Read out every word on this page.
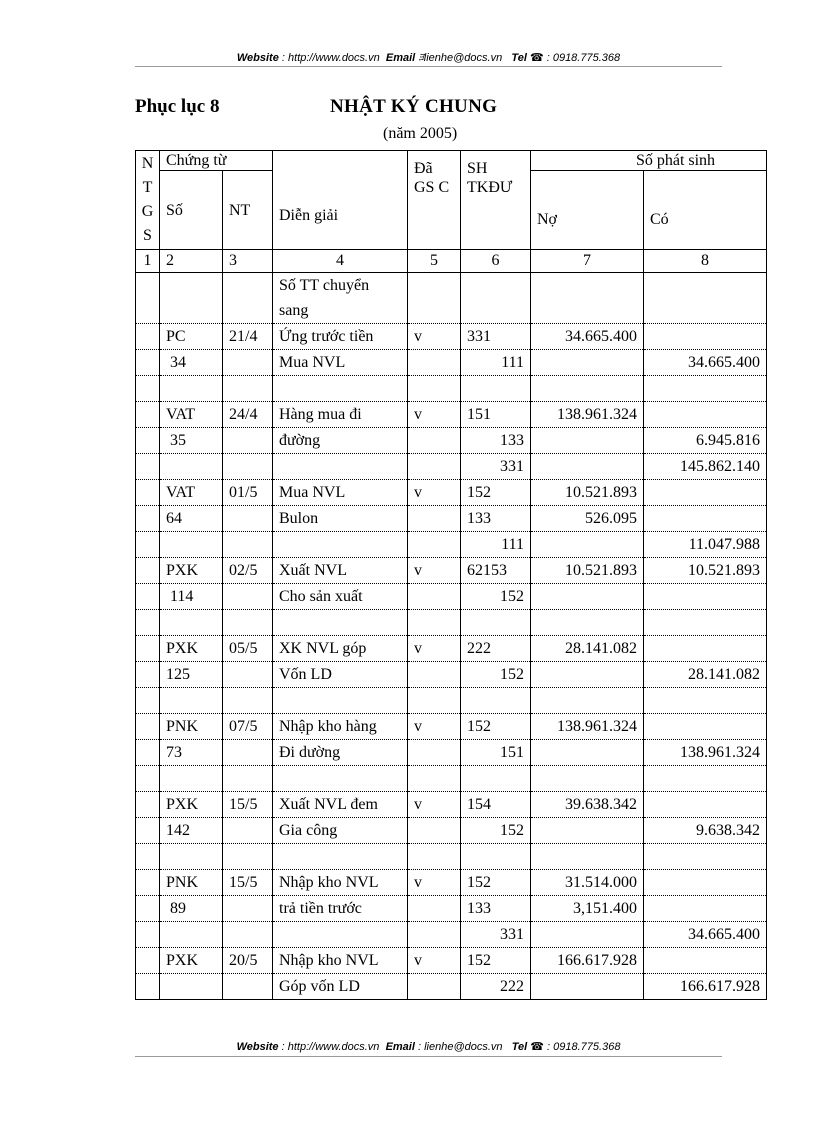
Website : http://www.docs.vn Email ﾖlienhe@docs.vn Tel ☎ : 0918.775.368
Phục lục 8	NHẬT KÝ CHUNG
(năm 2005)
N
T
G
S	Chứng từ		Diễn giải	Đã GS C	SH TKĐƯ	Số phát sinh	
	Số	NT				Nợ	Có
1	2	3	4	5	6	7	8
			Số TT chuyển sang				
	PC	21/4	Ứng trước tiền	v	331	34.665.400	
	34		Mua NVL		111		34.665.400

	VAT	24/4	Hàng mua đi	v	151	138.961.324	
	35		đường		133		6.945.816
					331		145.862.140
	VAT	01/5	Mua NVL	v	152	10.521.893	
	64		Bulon		133	526.095	
					111		11.047.988
	PXK	02/5	Xuất NVL	v	62153	10.521.893	10.521.893
	114		Cho sản xuất		152		

	PXK	05/5	XK NVL góp	v	222	28.141.082	
	125		Vốn LD		152		28.141.082

	PNK	07/5	Nhập kho hàng	v	152	138.961.324	
	73		Đi dường		151		138.961.324

	PXK	15/5	Xuất NVL đem	v	154	39.638.342	
	142		Gia công		152		9.638.342

	PNK	15/5	Nhập kho NVL	v	152	31.514.000	
	89		trả tiền trước		133	3,151.400	
					331		34.665.400
	PXK	20/5	Nhập kho NVL	v	152	166.617.928	
			Góp vốn LD		222		166.617.928
Website : http://www.docs.vn Email : lienhe@docs.vn Tel ☎ : 0918.775.368
